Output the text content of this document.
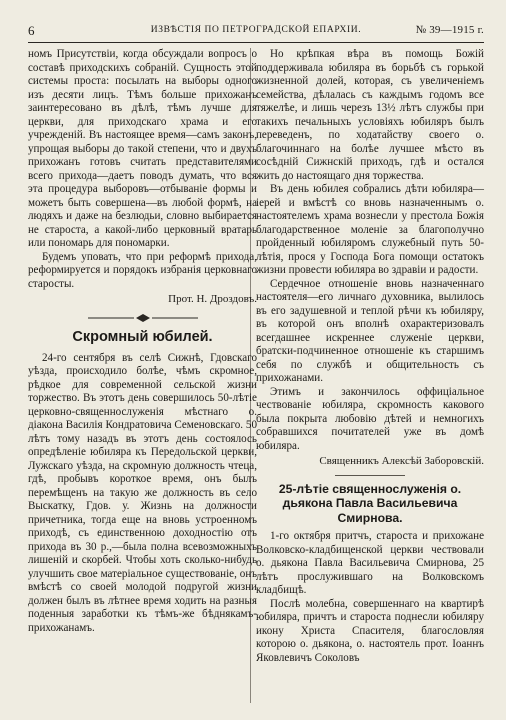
6	ИЗВѢСТІЯ ПО ПЕТРОГРАДСКОЙ ЕПАРХІИ.	№ 39—1915 г.

номъ Присутствіи, когда обсуждали вопросъ о составѣ приходскихъ собраній. Сущность этой системы проста: посылать на выборы одного изъ десяти лицъ. Тѣмъ больше прихожанъ заинтересовано въ дѣлѣ, тѣмъ лучше для церкви, для приходскаго храма и его учрежденій. Въ настоящее время—самъ законъ, упрощая выборы до такой степени, что и двухъ прихожанъ готовъ считать представителями всего прихода—даетъ поводъ думать, что вся эта процедура выборовъ—отбываніе формы и можетъ быть совершена—въ любой формѣ, на людяхъ и даже на безлюдьи, словно выбирается не староста, а какой-либо церковный вратарь или пономарь для пономарки.

Будемъ уповать, что при реформѣ прихода, реформируется и порядокъ избранія церковнаго старосты.

Прот. Н. Дроздовъ.
Скромный юбилей.

24-го сентября въ селѣ Сижнѣ, Гдовскаго уѣзда, происходило болѣе, чѣмъ скромное, рѣдкое для современной сельской жизни торжество. Въ этотъ день совершилось 50-лѣтіе церковно-священнослуженія мѣстнаго о. діакона Василія Кондратовича Семеновскаго. 50 лѣтъ тому назадъ въ этотъ день состоялось опредѣленіе юбиляра къ Передольской церкви, Лужскаго уѣзда, на скромную должность чтеца, гдѣ, пробывъ короткое время, онъ былъ перемѣщенъ на такую же должность въ село Выскатку, Гдов. у. Жизнь на должности причетника, тогда еще на вновь устроенномъ приходѣ, съ единственною доходностію отъ прихода въ 30 р.,—была полна всевозможныхъ лишеній и скорбей. Чтобы хоть сколько-нибудь улучшить свое матеріальное существованіе, онъ вмѣстѣ со своей молодой подругой жизни должен былъ въ лѣтнее время ходить на разныя поденныя заработки къ тѣмъ-же бѣднякамъ-прихожанамъ.

Но крѣпкая вѣра въ помощь Божій поддерживала юбиляра въ борьбѣ съ горькой жизненной долей, которая, съ увеличеніемъ семейства, дѣлалась съ каждымъ годомъ все тяжелѣе, и лишь черезъ 13½ лѣтъ службы при такихъ печальныхъ условіяхъ юбиляръ былъ переведенъ, по ходатайству своего о. благочиннаго на болѣе лучшее мѣсто въ сосѣдній Сижнскій приходъ, гдѣ и остался жить до настоящаго дня торжества.

Въ день юбилея собрались дѣти юбиляра—іерей и вмѣстѣ со вновь назначеннымъ о. настоятелемъ храма вознесли у престола Божія благодарственное моленіе за благополучно пройденный юбиляромъ служебный путь 50-лѣтія, прося у Господа Бога помощи остатокъ жизни провести юбиляра во здравіи и радости.

Сердечное отношеніе вновь назначеннаго настоятеля—его личнаго духовника, вылилось въ его задушевной и теплой рѣчи къ юбиляру, въ которой онъ вполнѣ охарактеризовалъ всегдашнее искреннее служеніе церкви, братски-подчиненное отношеніе къ старшимъ себя по службѣ и общительность съ прихожанами.

Этимъ и закончилось оффиціальное чествованіе юбиляра, скромность какового была покрыта любовію дѣтей и немногихъ собравшихся почитателей уже въ домѣ юбиляра.

Священникъ Алексѣй Заборовскій.
25-лѣтіе священнослуженія о. дьякона Павла Васильевича Смирнова.

1-го октября притчъ, староста и прихожане Волковско-кладбищенской церкви чествовали о. дьякона Павла Васильевича Смирнова, 25 лѣтъ прослужившаго на Волковскомъ кладбищѣ.

Послѣ молебна, совершеннаго на квартирѣ юбиляра, причтъ и староста поднесли юбиляру икону Христа Спасителя, благословляя которою о. дьякона, о. настоятель прот. Іоаннъ Яковлевичъ Соколовъ
